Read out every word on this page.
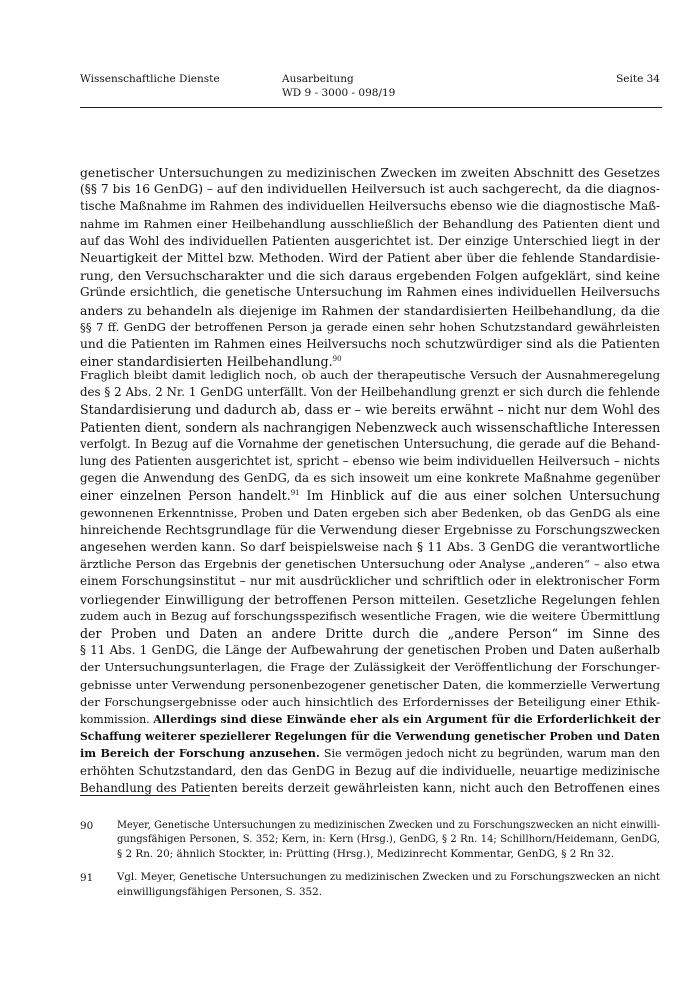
Wissenschaftliche Dienste	Ausarbeitung
WD 9 - 3000 - 098/19
Seite 34
genetischer Untersuchungen zu medizinischen Zwecken im zweiten Abschnitt des Gesetzes
(§§ 7 bis 16 GenDG) – auf den individuellen Heilversuch ist auch sachgerecht, da die diagnos-
tische Maßnahme im Rahmen des individuellen Heilversuchs ebenso wie die diagnostische Maß-
nahme im Rahmen einer Heilbehandlung ausschließlich der Behandlung des Patienten dient und
auf das Wohl des individuellen Patienten ausgerichtet ist. Der einzige Unterschied liegt in der
Neuartigkeit der Mittel bzw. Methoden. Wird der Patient aber über die fehlende Standardisie-
rung, den Versuchscharakter und die sich daraus ergebenden Folgen aufgeklärt, sind keine
Gründe ersichtlich, die genetische Untersuchung im Rahmen eines individuellen Heilversuchs
anders zu behandeln als diejenige im Rahmen der standardisierten Heilbehandlung, da die
§§ 7 ff. GenDG der betroffenen Person ja gerade einen sehr hohen Schutzstandard gewährleisten
und die Patienten im Rahmen eines Heilversuchs noch schutzwürdiger sind als die Patienten
einer standardisierten Heilbehandlung.$^{90}$
Fraglich bleibt damit lediglich noch, ob auch der therapeutische Versuch der Ausnahmeregelung
des § 2 Abs. 2 Nr. 1 GenDG unterfällt. Von der Heilbehandlung grenzt er sich durch die fehlende
Standardisierung und dadurch ab, dass er – wie bereits erwähnt – nicht nur dem Wohl des
Patienten dient, sondern als nachrangigen Nebenzweck auch wissenschaftliche Interessen
verfolgt. In Bezug auf die Vornahme der genetischen Untersuchung, die gerade auf die Behand-
lung des Patienten ausgerichtet ist, spricht – ebenso wie beim individuellen Heilversuch – nichts
gegen die Anwendung des GenDG, da es sich insoweit um eine konkrete Maßnahme gegenüber
einer einzelnen Person handelt.$^{91}$ Im Hinblick auf die aus einer solchen Untersuchung
gewonnenen Erkenntnisse, Proben und Daten ergeben sich aber Bedenken, ob das GenDG als eine
hinreichende Rechtsgrundlage für die Verwendung dieser Ergebnisse zu Forschungszwecken
angesehen werden kann. So darf beispielsweise nach § 11 Abs. 3 GenDG die verantwortliche
ärztliche Person das Ergebnis der genetischen Untersuchung oder Analyse „anderen“ – also etwa
einem Forschungsinstitut – nur mit ausdrücklicher und schriftlich oder in elektronischer Form
vorliegender Einwilligung der betroffenen Person mitteilen. Gesetzliche Regelungen fehlen
zudem auch in Bezug auf forschungsspezifisch wesentliche Fragen, wie die weitere Übermittlung
der Proben und Daten an andere Dritte durch die „andere Person“ im Sinne des
§ 11 Abs. 1 GenDG, die Länge der Aufbewahrung der genetischen Proben und Daten außerhalb
der Untersuchungsunterlagen, die Frage der Zulässigkeit der Veröffentlichung der Forschunger-
gebnisse unter Verwendung personenbezogener genetischer Daten, die kommerzielle Verwertung
der Forschungsergebnisse oder auch hinsichtlich des Erfordernisses der Beteiligung einer Ethik-
kommission. Allerdings sind diese Einwände eher als ein Argument für die Erforderlichkeit der
Schaffung weiterer speziellerer Regelungen für die Verwendung genetischer Proben und Daten
im Bereich der Forschung anzusehen. Sie vermögen jedoch nicht zu begründen, warum man den
erhöhten Schutzstandard, den das GenDG in Bezug auf die individuelle, neuartige medizinische
Behandlung des Patienten bereits derzeit gewährleisten kann, nicht auch den Betroffenen eines
90 Meyer, Genetische Untersuchungen zu medizinischen Zwecken und zu Forschungszwecken an nicht einwilli-
gungsfähigen Personen, S. 352; Kern, in: Kern (Hrsg.), GenDG, § 2 Rn. 14; Schillhorn/Heidemann, GenDG,
§ 2 Rn. 20; ähnlich Stockter, in: Prütting (Hrsg.), Medizinrecht Kommentar, GenDG, § 2 Rn 32.
91 Vgl. Meyer, Genetische Untersuchungen zu medizinischen Zwecken und zu Forschungszwecken an nicht
einwilligungsfähigen Personen, S. 352.
